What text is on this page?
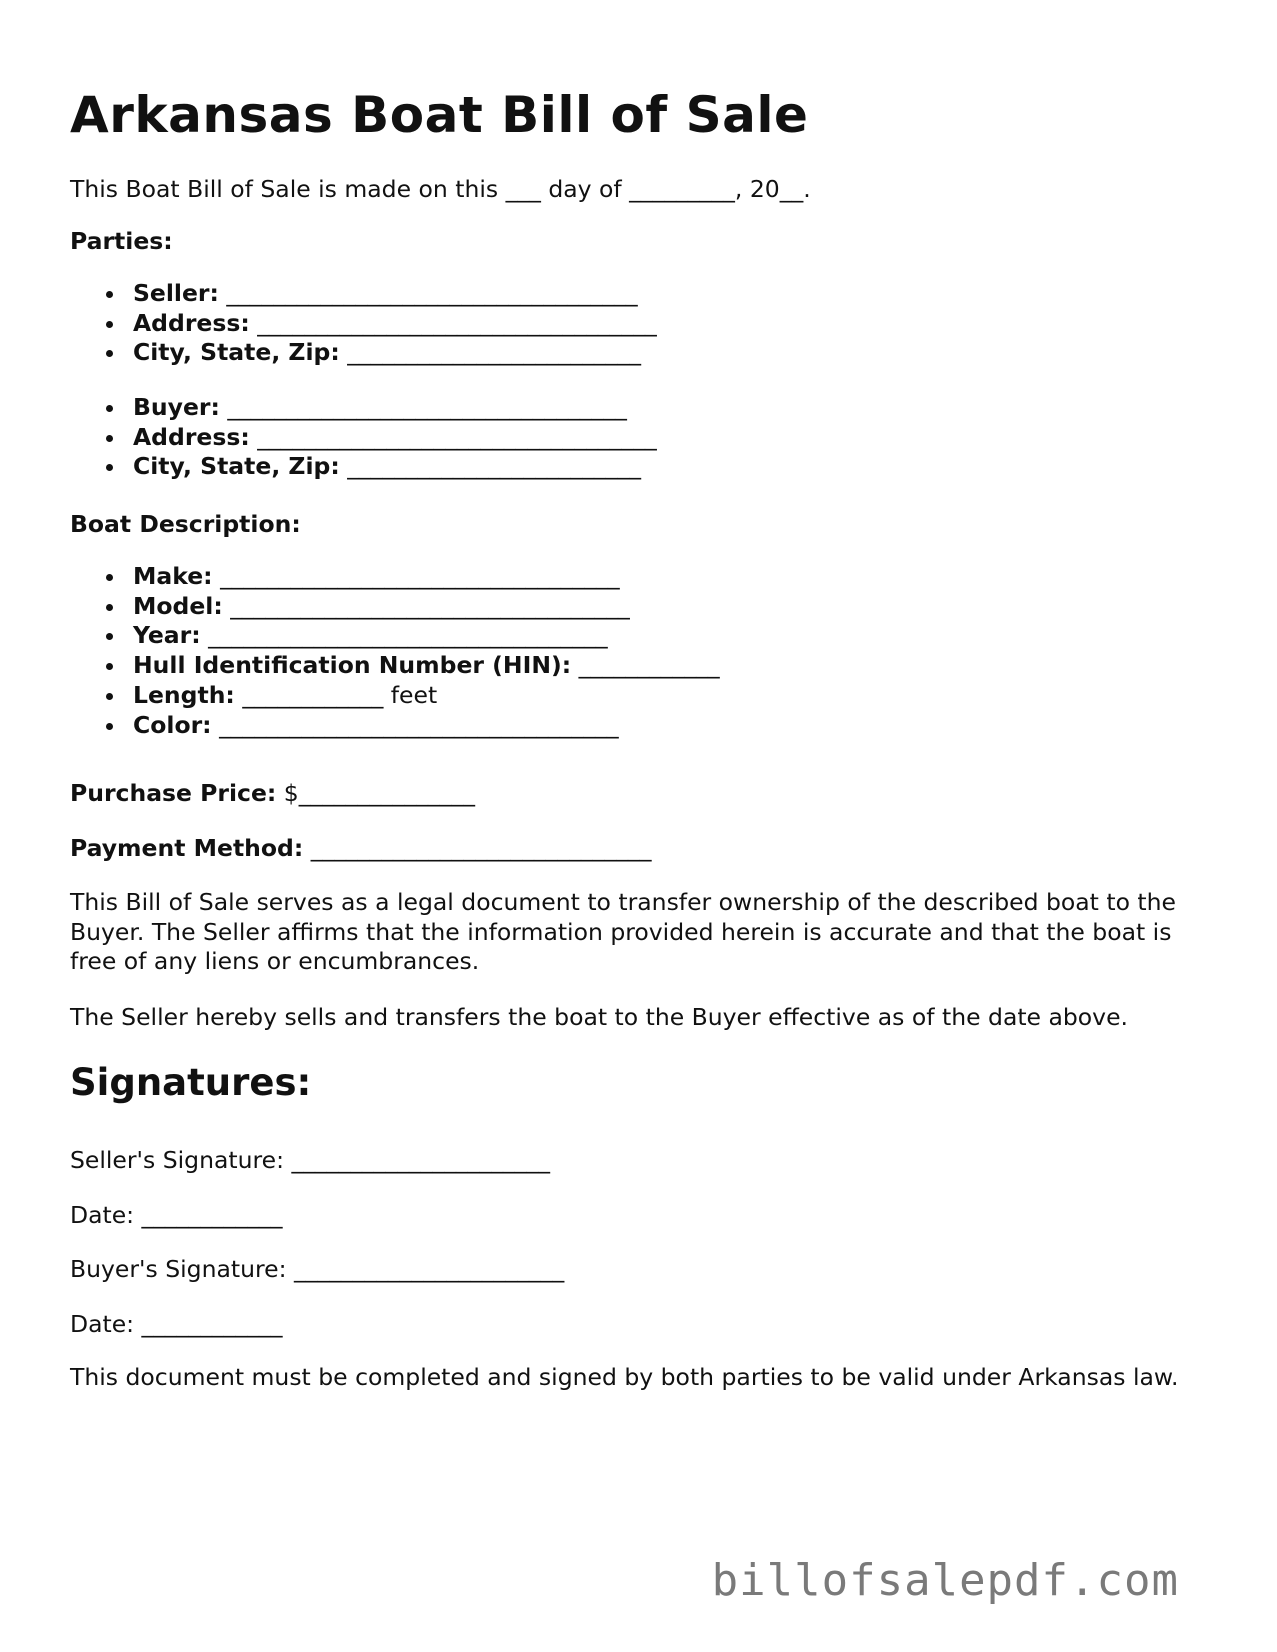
Arkansas Boat Bill of Sale

This Boat Bill of Sale is made on this ___ day of _________, 20__.

Parties:

Seller: ___________________________________
Address: __________________________________
City, State, Zip: _________________________
Buyer: __________________________________
Address: __________________________________
City, State, Zip: _________________________

Boat Description:

Make: __________________________________
Model: __________________________________
Year: __________________________________
Hull Identification Number (HIN): ____________
Length: ____________ feet
Color: __________________________________

Purchase Price: $_______________

Payment Method: _____________________________

This Bill of Sale serves as a legal document to transfer ownership of the described boat to the Buyer. The Seller affirms that the information provided herein is accurate and that the boat is free of any liens or encumbrances.

The Seller hereby sells and transfers the boat to the Buyer effective as of the date above.

Signatures:

Seller's Signature: ______________________

Date: ____________

Buyer's Signature: _______________________

Date: ____________

This document must be completed and signed by both parties to be valid under Arkansas law.

billofsalepdf.com
